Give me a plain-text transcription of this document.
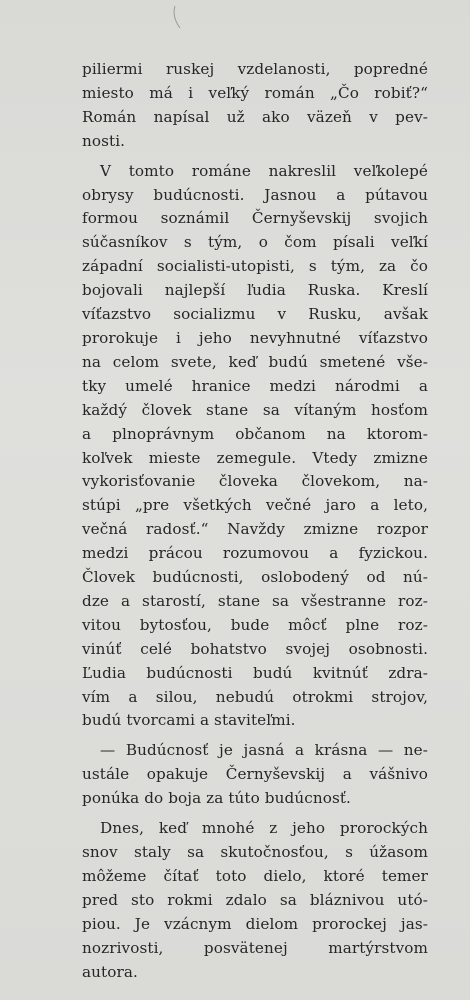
piliermi ruskej vzdelanosti, popredné
miesto má i veľký román „Čo robiť?“
Román napísal už ako väzeň v pev-
nosti.

V tomto románe nakreslil veľkolepé
obrysy budúcnosti. Jasnou a pútavou
formou soznámil Černyševskij svojich
súčasníkov s tým, o čom písali veľkí
západní socialisti-utopisti, s tým, za čo
bojovali najlepší ľudia Ruska. Kreslí
víťazstvo socializmu v Rusku, avšak
prorokuje i jeho nevyhnutné víťazstvo
na celom svete, keď budú smetené vše-
tky umelé hranice medzi národmi a
každý človek stane sa vítaným hosťom
a plnoprávnym občanom na ktorom-
koľvek mieste zemegule. Vtedy zmizne
vykorisťovanie človeka človekom, na-
stúpi „pre všetkých večné jaro a leto,
večná radosť.“ Navždy zmizne rozpor
medzi prácou rozumovou a fyzickou.
Človek budúcnosti, oslobodený od nú-
dze a starostí, stane sa všestranne roz-
vitou bytosťou, bude môcť plne roz-
vinúť celé bohatstvo svojej osobnosti.
Ľudia budúcnosti budú kvitnúť zdra-
vím a silou, nebudú otrokmi strojov,
budú tvorcami a staviteľmi.

— Budúcnosť je jasná a krásna — ne-
ustále opakuje Černyševskij a vášnivo
ponúka do boja za túto budúcnosť.

Dnes, keď mnohé z jeho prorockých
snov staly sa skutočnosťou, s úžasom
môžeme čítať toto dielo, ktoré temer
pred sto rokmi zdalo sa bláznivou utó-
piou. Je vzácnym dielom prorockej jas-
nozrivosti, posvätenej martýrstvom
autora.
